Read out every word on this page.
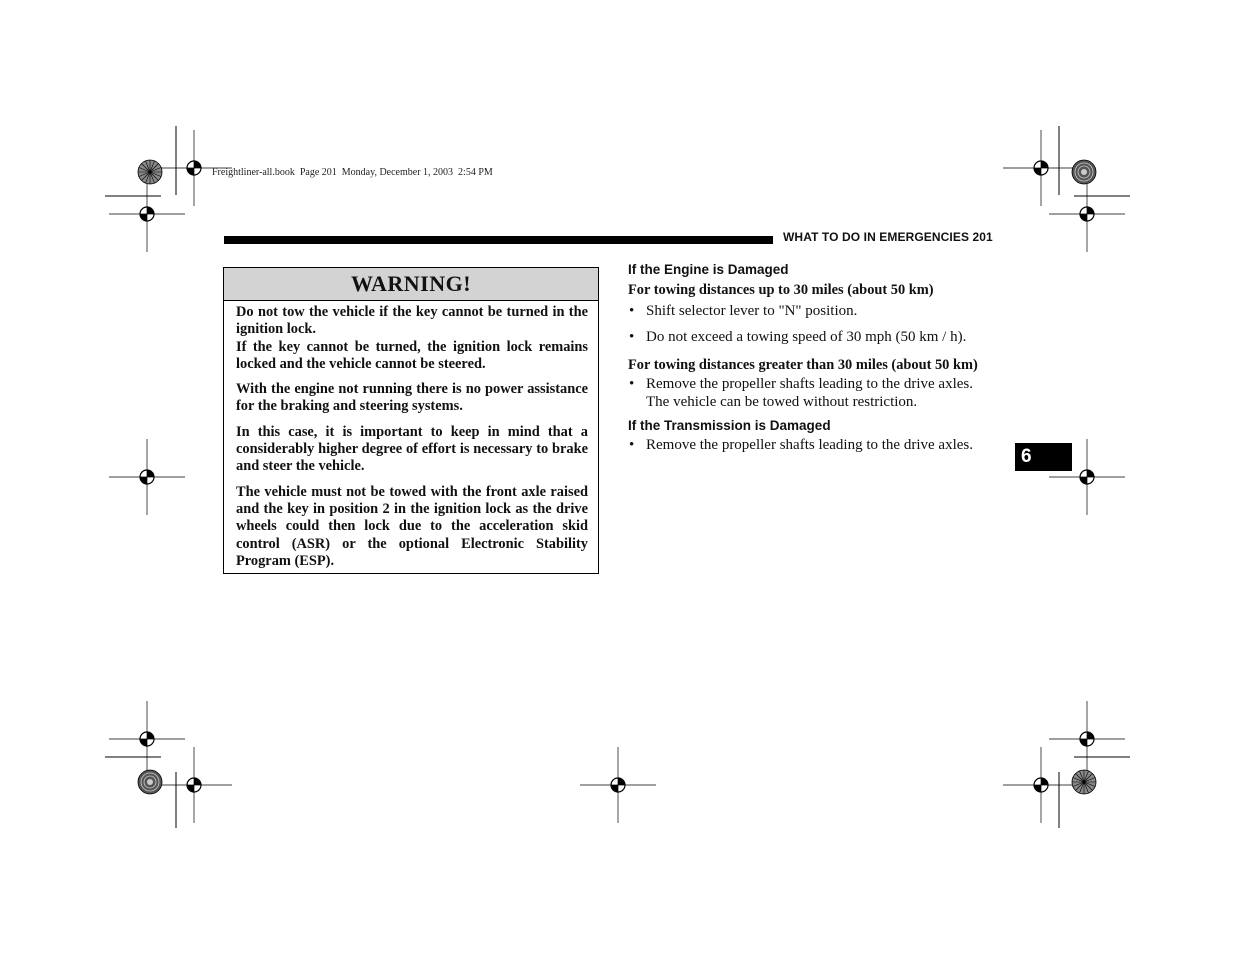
Freightliner-all.book  Page 201  Monday, December 1, 2003  2:54 PM
WHAT TO DO IN EMERGENCIES 201
6
WARNING!

Do not tow the vehicle if the key cannot be turned in the ignition lock.

If the key cannot be turned, the ignition lock remains locked and the vehicle cannot be steered.

With the engine not running there is no power assistance for the braking and steering systems.

In this case, it is important to keep in mind that a considerably higher degree of effort is necessary to brake and steer the vehicle.

The vehicle must not be towed with the front axle raised and the key in position 2 in the ignition lock as the drive wheels could then lock due to the acceleration skid control (ASR) or the optional Electronic Stability Program (ESP).

If the Engine is Damaged

For towing distances up to 30 miles (about 50 km)

• Shift selector lever to "N" position.
• Do not exceed a towing speed of 30 mph (50 km / h).

For towing distances greater than 30 miles (about 50 km)

• Remove the propeller shafts leading to the drive axles.
The vehicle can be towed without restriction.
If the Transmission is Damaged
• Remove the propeller shafts leading to the drive axles.
